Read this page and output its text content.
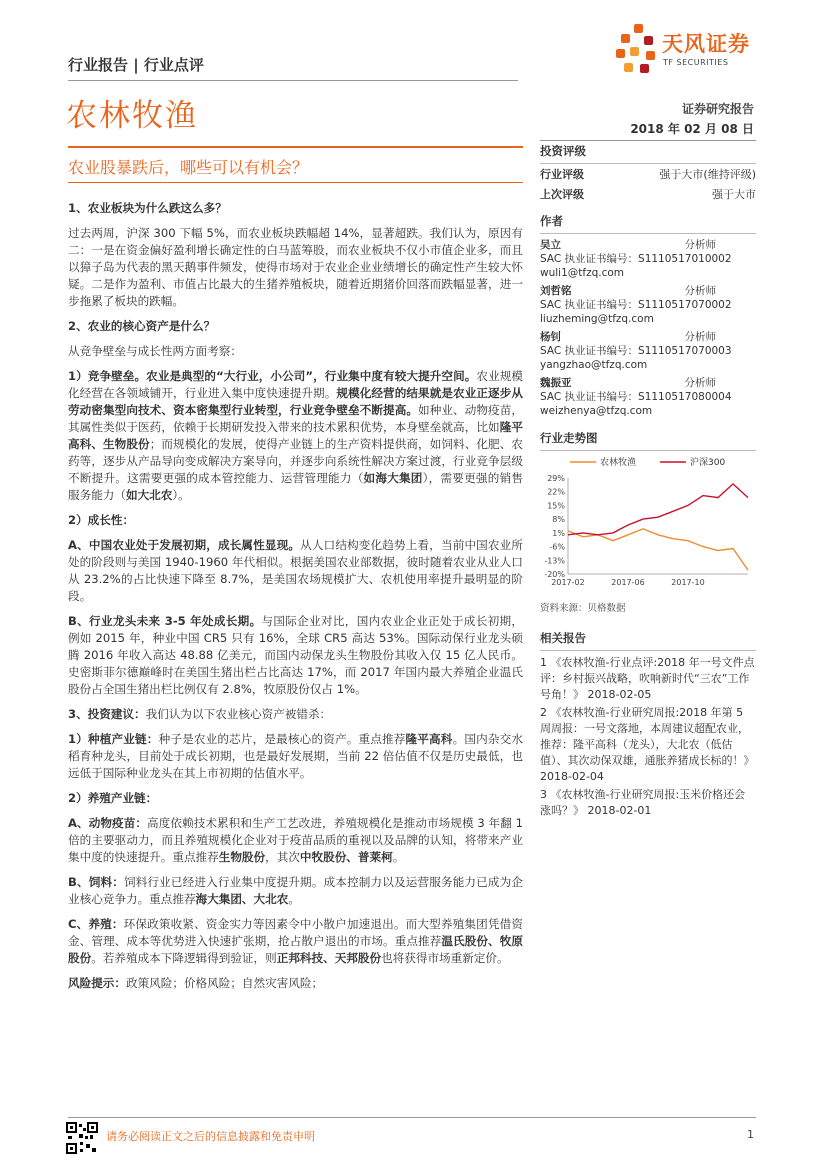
行业报告 | 行业点评
天风证券
TF SECURITIES
农林牧渔	证券研究报告
2018 年 02 月 08 日
农业股暴跌后，哪些可以有机会？
1、农业板块为什么跌这么多？
过去两周，沪深 300 下幅 5%，而农业板块跌幅超 14%，显著超跌。我们认为，原因有二：一是在资金偏好盈利增长确定性的白马蓝筹股，而农业板块不仅小市值企业多，而且以獐子岛为代表的黑天鹅事件频发，使得市场对于农业企业业绩增长的确定性产生较大怀疑。二是作为盈利、市值占比最大的生猪养殖板块，随着近期猪价回落而跌幅显著，进一步拖累了板块的跌幅。
2、农业的核心资产是什么？
从竞争壁垒与成长性两方面考察：
1）竞争壁垒。农业是典型的“大行业，小公司”，行业集中度有较大提升空间。农业规模化经营在各领域铺开，行业进入集中度快速提升期。规模化经营的结果就是农业正逐步从劳动密集型向技术、资本密集型行业转型，行业竞争壁垒不断提高。如种业、动物疫苗，其属性类似于医药，依赖于长期研发投入带来的技术累积优势，本身壁垒就高，比如隆平高科、生物股份；而规模化的发展，使得产业链上的生产资料提供商，如饲料、化肥、农药等，逐步从产品导向变成解决方案导向，并逐步向系统性解决方案过渡，行业竞争层级不断提升。这需要更强的成本管控能力、运营管理能力（如海大集团），需要更强的销售服务能力（如大北农）。
2）成长性：
A、中国农业处于发展初期，成长属性显现。从人口结构变化趋势上看，当前中国农业所处的阶段则与美国 1940-1960 年代相似。根据美国农业部数据，彼时随着农业从业人口从 23.2%的占比快速下降至 8.7%，是美国农场规模扩大、农机使用率提升最明显的阶段。
B、行业龙头未来 3-5 年处成长期。与国际企业对比，国内农业企业正处于成长初期，例如 2015 年，种业中国 CR5 只有 16%，全球 CR5 高达 53%。国际动保行业龙头硕腾 2016 年收入高达 48.88 亿美元，而国内动保龙头生物股份其收入仅 15 亿人民币。史密斯菲尔德巅峰时在美国生猪出栏占比高达 17%，而 2017 年国内最大养殖企业温氏股份占全国生猪出栏比例仅有 2.8%，牧原股份仅占 1%。
3、投资建议：我们认为以下农业核心资产被错杀：
1）种植产业链：种子是农业的芯片，是最核心的资产。重点推荐隆平高科。国内杂交水稻育种龙头，目前处于成长初期，也是最好发展期，当前 22 倍估值不仅是历史最低，也远低于国际种业龙头在其上市初期的估值水平。
2）养殖产业链：
A、动物疫苗：高度依赖技术累积和生产工艺改进，养殖规模化是推动市场规模 3 年翻 1 倍的主要驱动力，而且养殖规模化企业对于疫苗品质的重视以及品牌的认知，将带来产业集中度的快速提升。重点推荐生物股份，其次中牧股份、普莱柯。
B、饲料：饲料行业已经进入行业集中度提升期。成本控制力以及运营服务能力已成为企业核心竞争力。重点推荐海大集团、大北农。
C、养殖：环保政策收紧、资金实力等因素令中小散户加速退出。而大型养殖集团凭借资金、管理、成本等优势进入快速扩张期，抢占散户退出的市场。重点推荐温氏股份、牧原股份。若养殖成本下降逻辑得到验证，则正邦科技、天邦股份也将获得市场重新定价。
风险提示：政策风险；价格风险；自然灾害风险；
投资评级
行业评级	强于大市(维持评级)
上次评级	强于大市
作者
吴立	分析师
SAC 执业证书编号：S1110517010002
wuli1@tfzq.com
刘哲铭	分析师
SAC 执业证书编号：S1110517070002
liuzheming@tfzq.com
杨钊	分析师
SAC 执业证书编号：S1110517070003
yangzhao@tfzq.com
魏振亚	分析师
SAC 执业证书编号：S1110517080004
weizhenya@tfzq.com
行业走势图
农林牧渔	沪深300
29%
22%
15%
8%
1%
-6%
-13%
-20%
2017-02	2017-06	2017-10
资料来源：贝格数据
相关报告
1 《农林牧渔-行业点评:2018 年一号文件点评：乡村振兴战略，吹响新时代“三农”工作号角！》 2018-02-05
2 《农林牧渔-行业研究周报:2018 年第 5 周周报：一号文落地，本周建议超配农业，推荐：隆平高科（龙头），大北农（低估值）、其次动保双雄，通胀养猪成长标的！》 2018-02-04
3 《农林牧渔-行业研究周报:玉米价格还会涨吗？》 2018-02-01
请务必阅读正文之后的信息披露和免责申明	1
